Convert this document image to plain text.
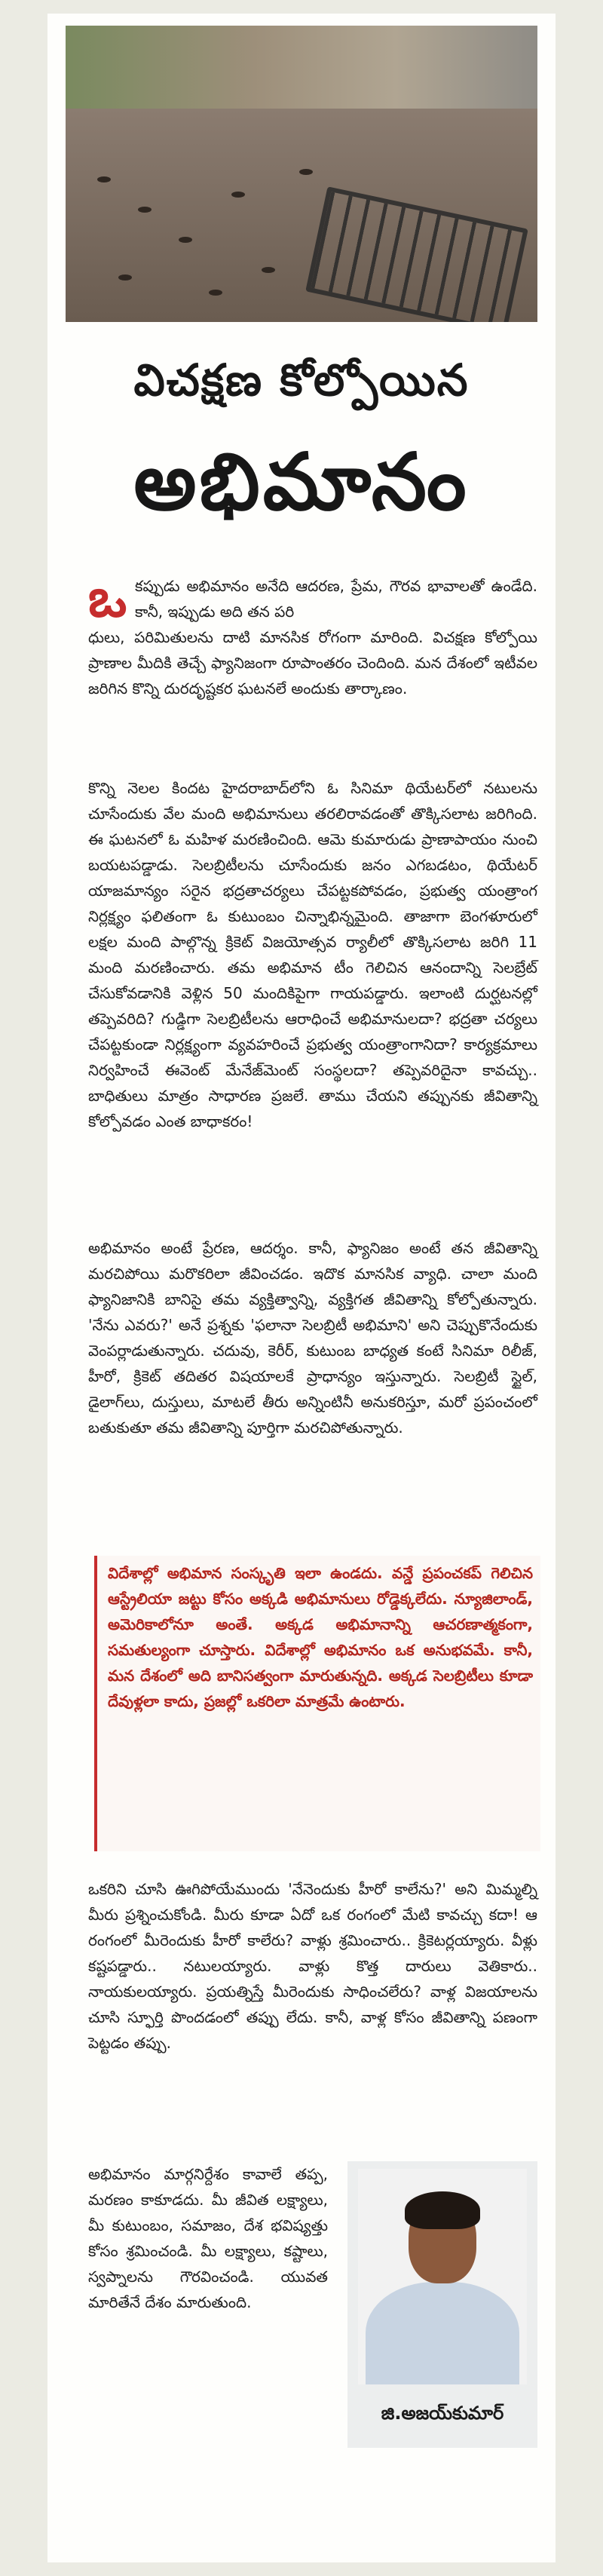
విచక్షణ కోల్పోయిన
అభిమానం
ఒ కప్పుడు అభిమానం అనేది ఆదరణ, ప్రేమ, గౌరవ భావాలతో ఉండేది. కానీ, ఇప్పుడు అది తన పరి

ధులు, పరిమితులను దాటి మానసిక రోగంగా మారింది. విచక్షణ కోల్పోయి ప్రాణాల మీదికి తెచ్చే ఫ్యానిజంగా రూపాంతరం చెందింది. మన దేశంలో ఇటీవల జరిగిన కొన్ని దురదృష్టకర ఘటనలే అందుకు తార్కాణం.

కొన్ని నెలల కిందట హైదరాబాద్‌లోని ఓ సినిమా థియేటర్‌లో నటులను చూసేందుకు వేల మంది అభిమానులు తరలిరావడంతో తొక్కిసలాట జరిగింది. ఈ ఘటనలో ఓ మహిళ మరణించింది. ఆమె కుమారుడు ప్రాణాపాయం నుంచి బయటపడ్డాడు. సెలబ్రిటీలను చూసేందుకు జనం ఎగబడటం, థియేటర్ యాజమాన్యం సరైన భద్రతాచర్యలు చేపట్టకపోవడం, ప్రభుత్వ యంత్రాంగ నిర్లక్ష్యం ఫలితంగా ఓ కుటుంబం చిన్నాభిన్నమైంది. తాజాగా బెంగళూరులో లక్షల మంది పాల్గొన్న క్రికెట్ విజయోత్సవ ర్యాలీలో తొక్కిసలాట జరిగి 11 మంది మరణించారు. తమ అభిమాన టీం గెలిచిన ఆనందాన్ని సెలబ్రేట్ చేసుకోవడానికి వెళ్లిన 50 మందికిపైగా గాయపడ్డారు. ఇలాంటి దుర్ఘటనల్లో తప్పెవరిది? గుడ్డిగా సెలబ్రిటీలను ఆరాధించే అభిమానులదా? భద్రతా చర్యలు చేపట్టకుండా నిర్లక్ష్యంగా వ్యవహరించే ప్రభుత్వ యంత్రాంగానిదా? కార్యక్రమాలు నిర్వహించే ఈవెంట్ మేనేజ్‌మెంట్ సంస్థలదా? తప్పెవరిదైనా కావచ్చు.. బాధితులు మాత్రం సాధారణ ప్రజలే. తాము చేయని తప్పునకు జీవితాన్ని కోల్పోవడం ఎంత బాధాకరం!

అభిమానం అంటే ప్రేరణ, ఆదర్శం. కానీ, ఫ్యానిజం అంటే తన జీవితాన్ని మరచిపోయి మరొకరిలా జీవించడం. ఇదొక మానసిక వ్యాధి. చాలా మంది ఫ్యానిజానికి బానిసై తమ వ్యక్తిత్వాన్ని, వ్యక్తిగత జీవితాన్ని కోల్పోతున్నారు. 'నేను ఎవరు?' అనే ప్రశ్నకు 'ఫలానా సెలబ్రిటీ అభిమాని' అని చెప్పుకొనేందుకు వెంపర్లాడుతున్నారు. చదువు, కెరీర్, కుటుంబ బాధ్యత కంటే సినిమా రిలీజ్, హీరో, క్రికెట్ తదితర విషయాలకే ప్రాధాన్యం ఇస్తున్నారు. సెలబ్రిటీ స్టైల్, డైలాగ్‌లు, దుస్తులు, మాటలే తీరు అన్నింటినీ అనుకరిస్తూ, మరో ప్రపంచంలో బతుకుతూ తమ జీవితాన్ని పూర్తిగా మరచిపోతున్నారు.

విదేశాల్లో అభిమాన సంస్కృతి ఇలా ఉండదు. వన్డే ప్రపంచకప్ గెలిచిన ఆస్ట్రేలియా జట్టు కోసం అక్కడి అభిమానులు రోడ్డెక్కలేదు. న్యూజిలాండ్, అమెరికాలోనూ అంతే. అక్కడ అభిమానాన్ని ఆచరణాత్మకంగా, సమతుల్యంగా చూస్తారు. విదేశాల్లో అభిమానం ఒక అనుభవమే. కానీ, మన దేశంలో అది బానిసత్వంగా మారుతున్నది. అక్కడ సెలబ్రిటీలు కూడా దేవుళ్లలా కాదు, ప్రజల్లో ఒకరిలా మాత్రమే ఉంటారు.

ఒకరిని చూసి ఊగిపోయేముందు 'నేనెందుకు హీరో కాలేను?' అని మిమ్మల్ని మీరు ప్రశ్నించుకోండి. మీరు కూడా ఏదో ఒక రంగంలో మేటి కావచ్చు కదా! ఆ రంగంలో మీరెందుకు హీరో కాలేరు? వాళ్లు శ్రమించారు.. క్రికెటర్లయ్యారు. వీళ్లు కష్టపడ్డారు.. నటులయ్యారు. వాళ్లు కొత్త దారులు వెతికారు.. నాయకులయ్యారు. ప్రయత్నిస్తే మీరెందుకు సాధించలేరు? వాళ్ల విజయాలను చూసి స్ఫూర్తి పొందడంలో తప్పు లేదు. కానీ, వాళ్ల కోసం జీవితాన్ని పణంగా పెట్టడం తప్పు.

అభిమానం మార్గనిర్దేశం కావాలే తప్ప, మరణం కాకూడదు. మీ జీవిత లక్ష్యాలు, మీ కుటుంబం, సమాజం, దేశ భవిష్యత్తు కోసం శ్రమించండి. మీ లక్ష్యాలు, కష్టాలు, స్వప్నాలను గౌరవించండి. యువత మారితేనే దేశం మారుతుంది.

జి.అజయ్‌కుమార్
